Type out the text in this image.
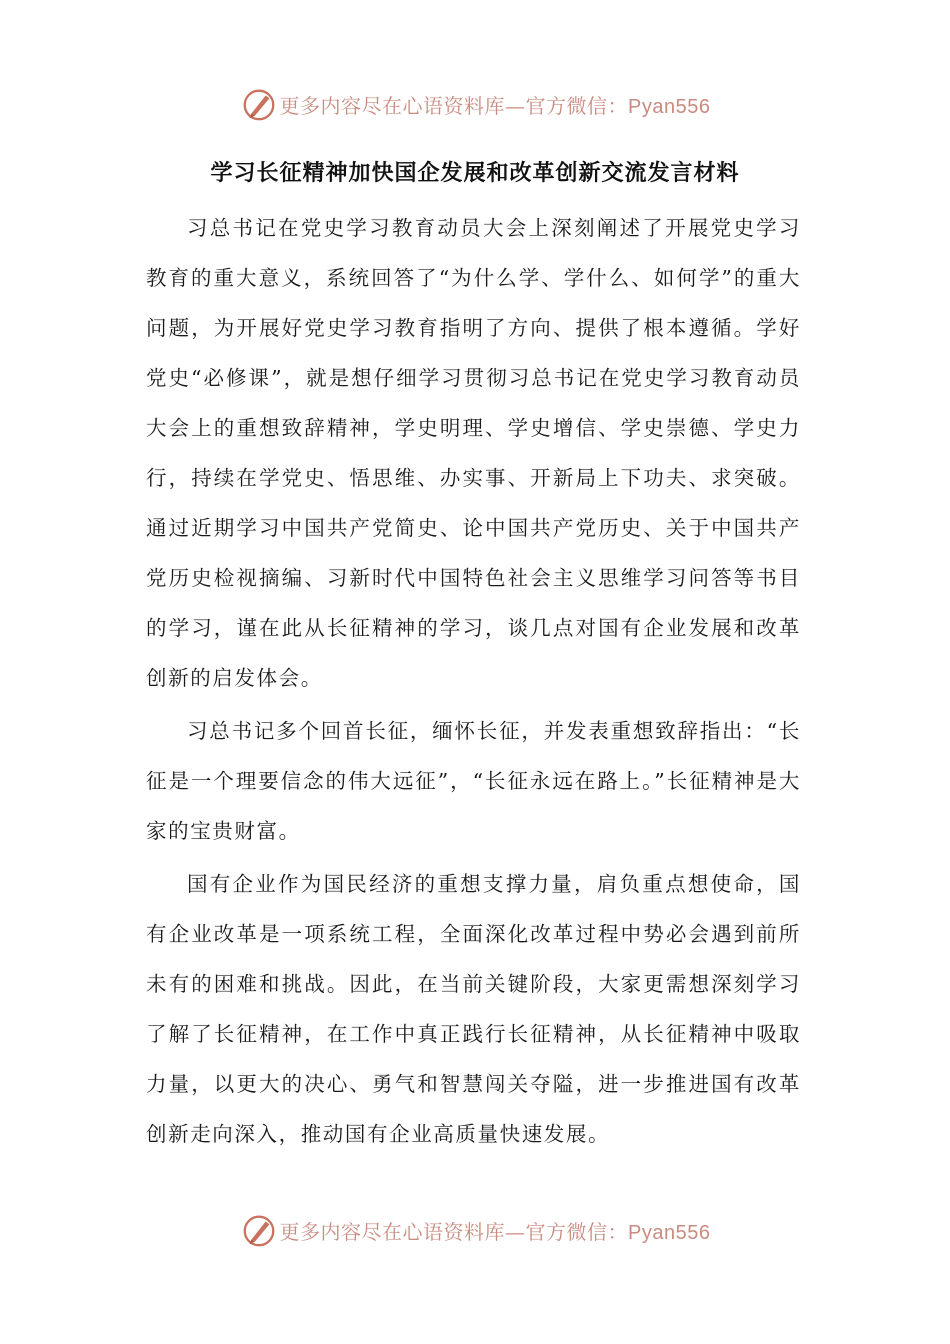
更多内容尽在心语资料库—官方微信：Pyan556
学习长征精神加快国企发展和改革创新交流发言材料

习总书记在党史学习教育动员大会上深刻阐述了开展党史学习教育的重大意义，系统回答了“为什么学、学什么、如何学”的重大问题，为开展好党史学习教育指明了方向、提供了根本遵循。学好党史“必修课”，就是想仔细学习贯彻习总书记在党史学习教育动员大会上的重想致辞精神，学史明理、学史增信、学史崇德、学史力行，持续在学党史、悟思维、办实事、开新局上下功夫、求突破。通过近期学习中国共产党简史、论中国共产党历史、关于中国共产党历史检视摘编、习新时代中国特色社会主义思维学习问答等书目的学习，谨在此从长征精神的学习，谈几点对国有企业发展和改革创新的启发体会。

习总书记多个回首长征，缅怀长征，并发表重想致辞指出：“长征是一个理要信念的伟大远征”，“长征永远在路上。”长征精神是大家的宝贵财富。

国有企业作为国民经济的重想支撑力量，肩负重点想使命，国有企业改革是一项系统工程，全面深化改革过程中势必会遇到前所未有的困难和挑战。因此，在当前关键阶段，大家更需想深刻学习了解了长征精神，在工作中真正践行长征精神，从长征精神中吸取力量，以更大的决心、勇气和智慧闯关夺隘，进一步推进国有改革创新走向深入，推动国有企业高质量快速发展。

更多内容尽在心语资料库—官方微信：Pyan556
